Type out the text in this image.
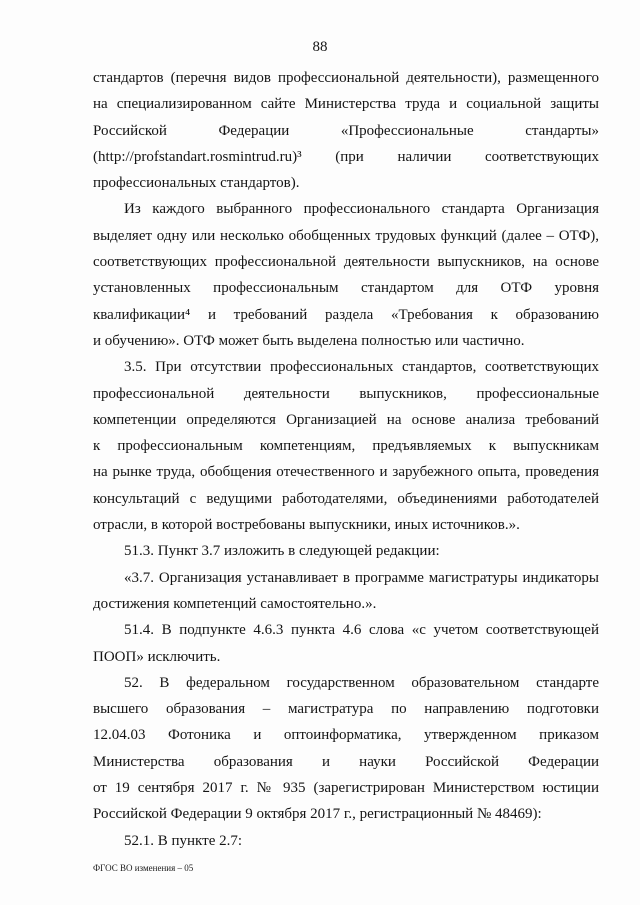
88
стандартов (перечня видов профессиональной деятельности), размещенного
на специализированном сайте Министерства труда и социальной защиты
Российской Федерации «Профессиональные стандарты»
(http://profstandart.rosmintrud.ru)³ (при наличии соответствующих
профессиональных стандартов).
Из каждого выбранного профессионального стандарта Организация
выделяет одну или несколько обобщенных трудовых функций (далее – ОТФ),
соответствующих профессиональной деятельности выпускников, на основе
установленных профессиональным стандартом для ОТФ уровня
квалификации⁴ и требований раздела «Требования к образованию
и обучению». ОТФ может быть выделена полностью или частично.
3.5. При отсутствии профессиональных стандартов, соответствующих
профессиональной деятельности выпускников, профессиональные
компетенции определяются Организацией на основе анализа требований
к профессиональным компетенциям, предъявляемых к выпускникам
на рынке труда, обобщения отечественного и зарубежного опыта, проведения
консультаций с ведущими работодателями, объединениями работодателей
отрасли, в которой востребованы выпускники, иных источников.».
51.3. Пункт 3.7 изложить в следующей редакции:
«3.7. Организация устанавливает в программе магистратуры индикаторы
достижения компетенций самостоятельно.».
51.4. В подпункте 4.6.3 пункта 4.6 слова «с учетом соответствующей
ПООП» исключить.
52. В федеральном государственном образовательном стандарте
высшего образования – магистратура по направлению подготовки
12.04.03 Фотоника и оптоинформатика, утвержденном приказом
Министерства образования и науки Российской Федерации
от 19 сентября 2017 г. № 935 (зарегистрирован Министерством юстиции
Российской Федерации 9 октября 2017 г., регистрационный № 48469):
52.1. В пункте 2.7:
ФГОС ВО изменения – 05
